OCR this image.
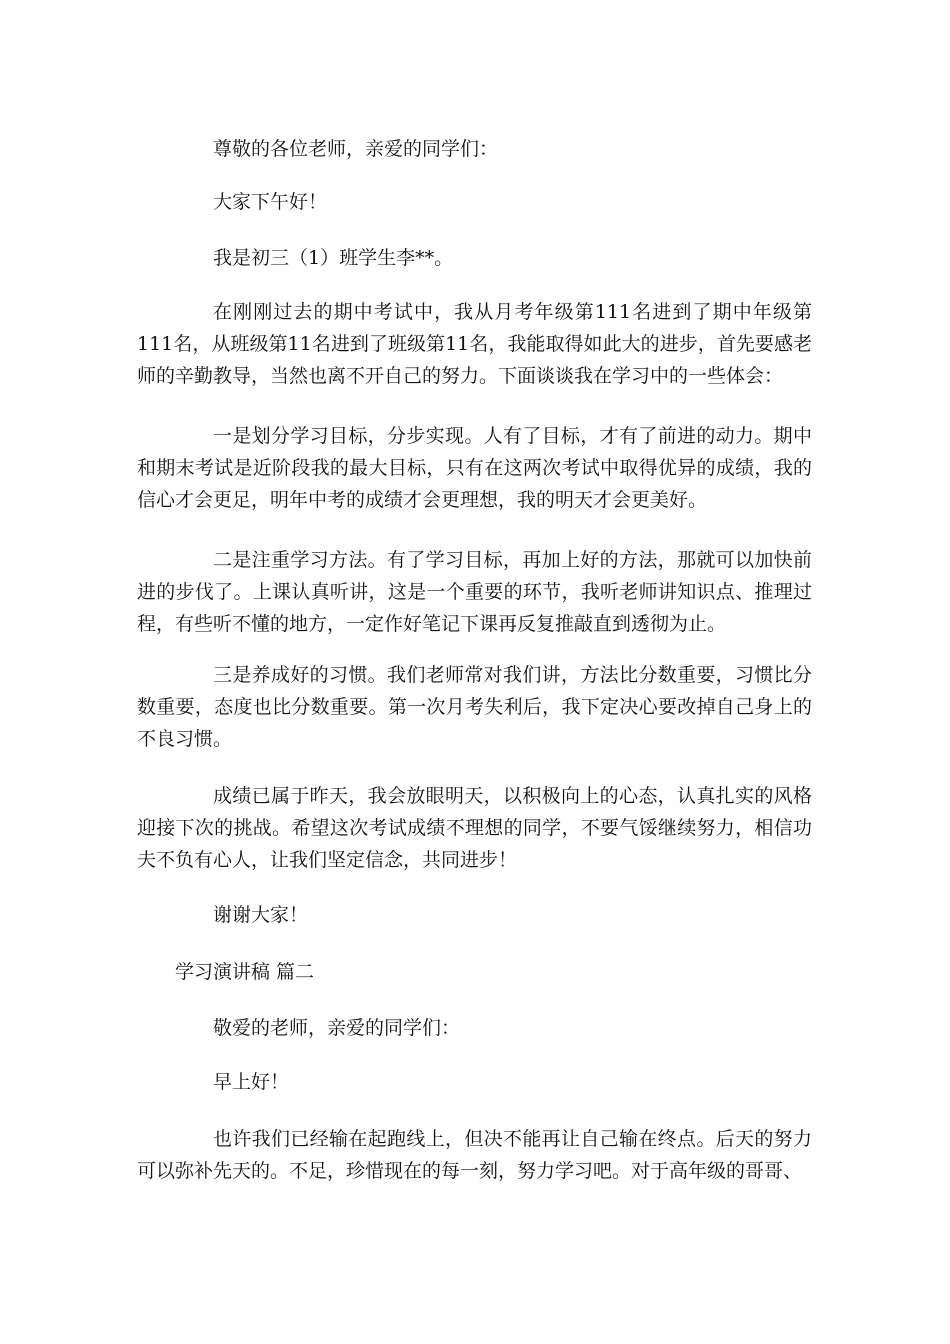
尊敬的各位老师，亲爱的同学们：

大家下午好！

我是初三（1）班学生李**。

在刚刚过去的期中考试中，我从月考年级第111名进到了期中年级第111名，从班级第11名进到了班级第11名，我能取得如此大的进步，首先要感老师的辛勤教导，当然也离不开自己的努力。下面谈谈我在学习中的一些体会：

一是划分学习目标，分步实现。人有了目标，才有了前进的动力。期中和期末考试是近阶段我的最大目标，只有在这两次考试中取得优异的成绩，我的信心才会更足，明年中考的成绩才会更理想，我的明天才会更美好。

二是注重学习方法。有了学习目标，再加上好的方法，那就可以加快前进的步伐了。上课认真听讲，这是一个重要的环节，我听老师讲知识点、推理过程，有些听不懂的地方，一定作好笔记下课再反复推敲直到透彻为止。

三是养成好的习惯。我们老师常对我们讲，方法比分数重要，习惯比分数重要，态度也比分数重要。第一次月考失利后，我下定决心要改掉自己身上的不良习惯。

成绩已属于昨天，我会放眼明天，以积极向上的心态，认真扎实的风格迎接下次的挑战。希望这次考试成绩不理想的同学，不要气馁继续努力，相信功夫不负有心人，让我们坚定信念，共同进步！

谢谢大家！

学习演讲稿 篇二

敬爱的老师，亲爱的同学们：

早上好！

也许我们已经输在起跑线上，但决不能再让自己输在终点。后天的努力可以弥补先天的。不足，珍惜现在的每一刻，努力学习吧。对于高年级的哥哥、
